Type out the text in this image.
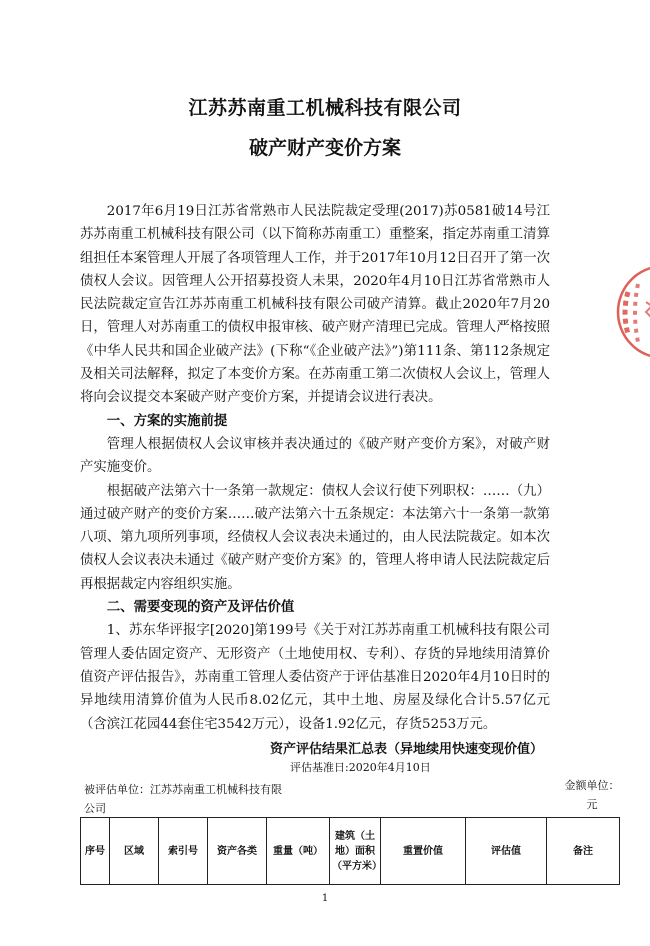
江苏苏南重工机械科技有限公司
破产财产变价方案

2017年6月19日江苏省常熟市人民法院裁定受理(2017)苏0581破14号江苏苏南重工机械科技有限公司（以下简称苏南重工）重整案，指定苏南重工清算组担任本案管理人开展了各项管理人工作，并于2017年10月12日召开了第一次债权人会议。因管理人公开招募投资人未果，2020年4月10日江苏省常熟市人民法院裁定宣告江苏苏南重工机械科技有限公司破产清算。截止2020年7月20日，管理人对苏南重工的债权申报审核、破产财产清理已完成。管理人严格按照《中华人民共和国企业破产法》(下称“《企业破产法》”)第111条、第112条规定及相关司法解释，拟定了本变价方案。在苏南重工第二次债权人会议上，管理人将向会议提交本案破产财产变价方案，并提请会议进行表决。

一、方案的实施前提

管理人根据债权人会议审核并表决通过的《破产财产变价方案》，对破产财产实施变价。

根据破产法第六十一条第一款规定：债权人会议行使下列职权：……（九）通过破产财产的变价方案……破产法第六十五条规定：本法第六十一条第一款第八项、第九项所列事项，经债权人会议表决未通过的，由人民法院裁定。如本次债权人会议表决未通过《破产财产变价方案》的，管理人将申请人民法院裁定后再根据裁定内容组织实施。

二、需要变现的资产及评估价值

1、苏东华评报字[2020]第199号《关于对江苏苏南重工机械科技有限公司管理人委估固定资产、无形资产（土地使用权、专利）、存货的异地续用清算价值资产评估报告》，苏南重工管理人委估资产于评估基准日2020年4月10日时的异地续用清算价值为人民币8.02亿元，其中土地、房屋及绿化合计5.57亿元（含滨江花园44套住宅3542万元），设备1.92亿元，存货5253万元。

资产评估结果汇总表（异地续用快速变现价值）
评估基准日:2020年4月10日
被评估单位：江苏苏南重工机械科技有限公司
金额单位：元
序号	区域	索引号	资产各类	重量（吨）	建筑（土地）面积（平方米）	重置价值	评估值	备注
1
